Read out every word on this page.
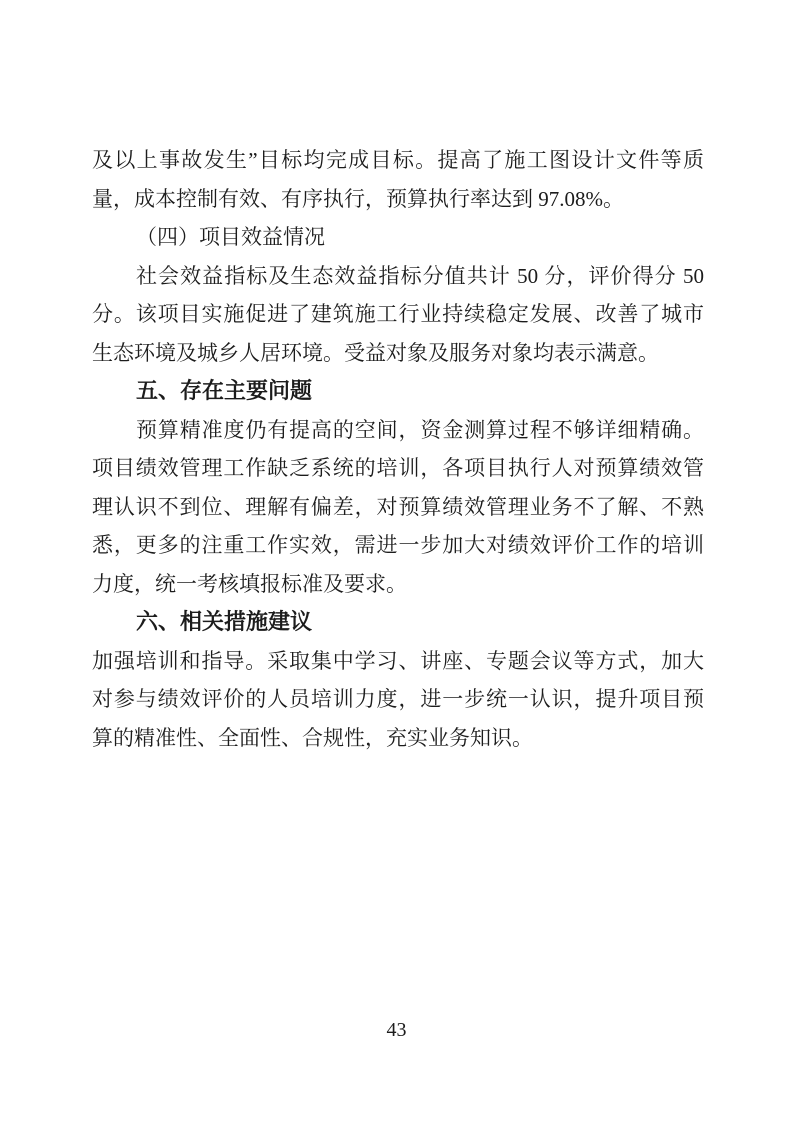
及以上事故发生”目标均完成目标。提高了施工图设计文件等质
量，成本控制有效、有序执行，预算执行率达到 97.08%。
（四）项目效益情况
社会效益指标及生态效益指标分值共计 50 分，评价得分 50
分。该项目实施促进了建筑施工行业持续稳定发展、改善了城市
生态环境及城乡人居环境。受益对象及服务对象均表示满意。
五、存在主要问题
预算精准度仍有提高的空间，资金测算过程不够详细精确。
项目绩效管理工作缺乏系统的培训，各项目执行人对预算绩效管
理认识不到位、理解有偏差，对预算绩效管理业务不了解、不熟
悉，更多的注重工作实效，需进一步加大对绩效评价工作的培训
力度，统一考核填报标准及要求。
六、相关措施建议
加强培训和指导。采取集中学习、讲座、专题会议等方式，加大
对参与绩效评价的人员培训力度，进一步统一认识，提升项目预
算的精准性、全面性、合规性，充实业务知识。
43
